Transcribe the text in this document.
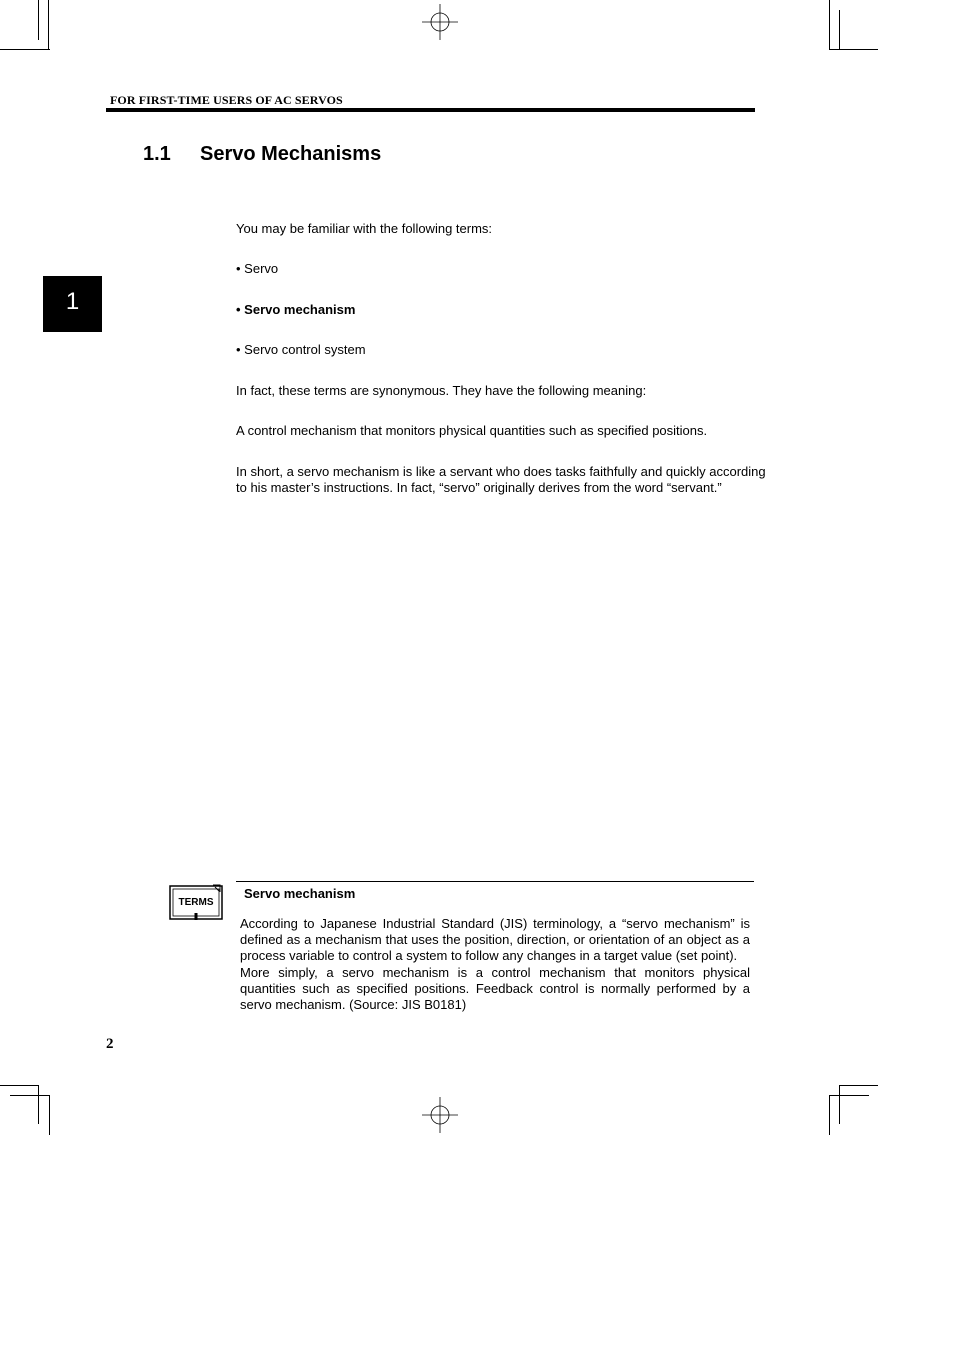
FOR FIRST-TIME USERS OF AC SERVOS
1
1.1 Servo Mechanisms
You may be familiar with the following terms:
• Servo
• Servo mechanism
• Servo control system
In fact, these terms are synonymous. They have the following meaning:
A control mechanism that monitors physical quantities such as specified positions.
In short, a servo mechanism is like a servant who does tasks faithfully and quickly according
to his master’s instructions. In fact, “servo” originally derives from the word “servant.”
TERMS
Servo mechanism

According to Japanese Industrial Standard (JIS) terminology, a “servo mechanism” is defined as a mechanism that uses the position, direction, or orientation of an object as a process variable to control a system to follow any changes in a target value (set point).

More simply, a servo mechanism is a control mechanism that monitors physical quantities such as specified positions. Feedback control is normally performed by a servo mechanism. (Source: JIS B0181)

2
